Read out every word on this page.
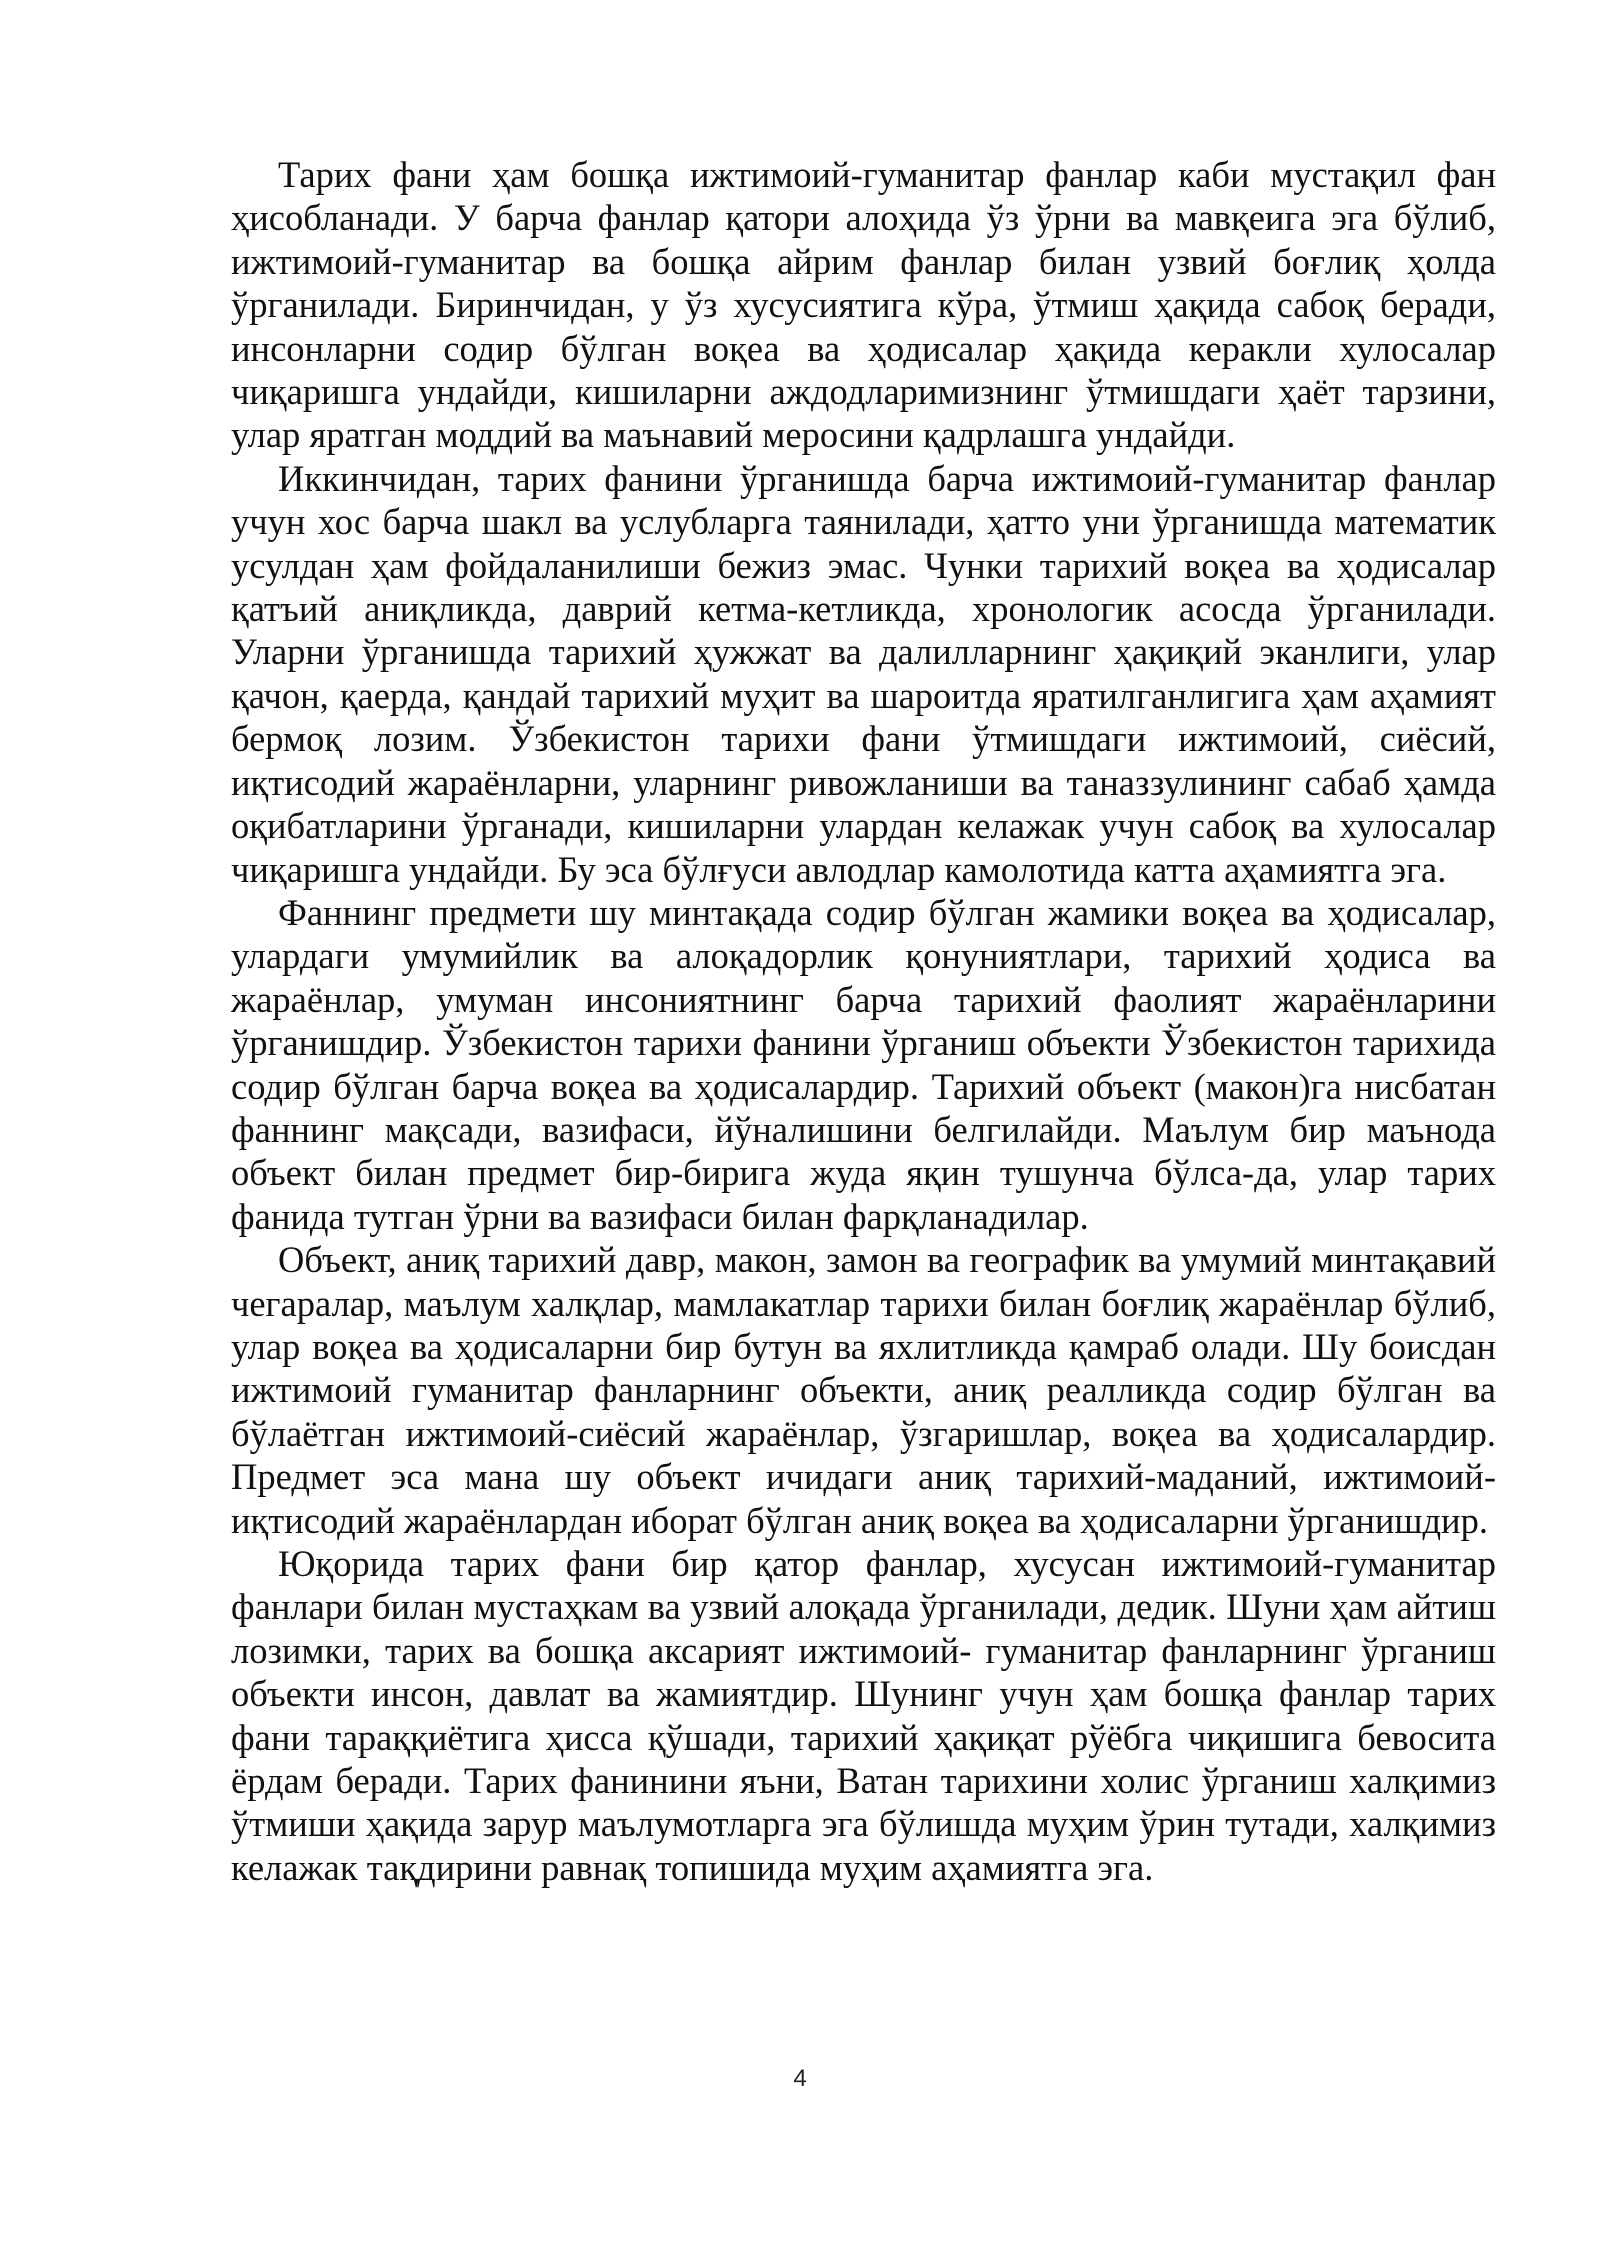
Тарих фани ҳам бошқа ижтимоий-гуманитар фанлар каби мустақил фан ҳисобланади. У барча фанлар қатори алоҳида ўз ўрни ва мавқеига эга бўлиб, ижтимоий-гуманитар ва бошқа айрим фанлар билан узвий боғлиқ ҳолда ўрганилади. Биринчидан, у ўз хусусиятига кўра, ўтмиш ҳақида сабоқ беради, инсонларни содир бўлган воқеа ва ҳодисалар ҳақида керакли хулосалар чиқаришга ундайди, кишиларни аждодларимизнинг ўтмишдаги ҳаёт тарзини, улар яратган моддий ва маънавий меросини қадрлашга ундайди.

Иккинчидан, тарих фанини ўрганишда барча ижтимоий-гуманитар фанлар учун хос барча шакл ва услубларга таянилади, ҳатто уни ўрганишда математик усулдан ҳам фойдаланилиши бежиз эмас. Чунки тарихий воқеа ва ҳодисалар қатъий аниқликда, даврий кетма-кетликда, хронологик асосда ўрганилади. Уларни ўрганишда тарихий ҳужжат ва далилларнинг ҳақиқий эканлиги, улар қачон, қаерда, қандай тарихий муҳит ва шароитда яратилганлигига ҳам аҳамият бермоқ лозим. Ўзбекистон тарихи фани ўтмишдаги ижтимоий, сиёсий, иқтисодий жараёнларни, уларнинг ривожланиши ва таназзулининг сабаб ҳамда оқибатларини ўрганади, кишиларни улардан келажак учун сабоқ ва хулосалар чиқаришга ундайди. Бу эса бўлғуси авлодлар камолотида катта аҳамиятга эга.

Фаннинг предмети шу минтақада содир бўлган жамики воқеа ва ҳодисалар, улардаги умумийлик ва алоқадорлик қонуниятлари, тарихий ҳодиса ва жараёнлар, умуман инсониятнинг барча тарихий фаолият жараёнларини ўрганишдир. Ўзбекистон тарихи фанини ўрганиш объекти Ўзбекистон тарихида содир бўлган барча воқеа ва ҳодисалардир. Тарихий объект (макон)га нисбатан фаннинг мақсади, вазифаси, йўналишини белгилайди. Маълум бир маънода объект билан предмет бир-бирига жуда яқин тушунча бўлса-да, улар тарих фанида тутган ўрни ва вазифаси билан фарқланадилар.

Объект, аниқ тарихий давр, макон, замон ва географик ва умумий минтақавий чегаралар, маълум халқлар, мамлакатлар тарихи билан боғлиқ жараёнлар бўлиб, улар воқеа ва ҳодисаларни бир бутун ва яхлитликда қамраб олади. Шу боисдан ижтимоий гуманитар фанларнинг объекти, аниқ реалликда содир бўлган ва бўлаётган ижтимоий-сиёсий жараёнлар, ўзгаришлар, воқеа ва ҳодисалардир. Предмет эса мана шу объект ичидаги аниқ тарихий-маданий, ижтимоий-иқтисодий жараёнлардан иборат бўлган аниқ воқеа ва ҳодисаларни ўрганишдир.

Юқорида тарих фани бир қатор фанлар, хусусан ижтимоий-гуманитар фанлари билан мустаҳкам ва узвий алоқада ўрганилади, дедик. Шуни ҳам айтиш лозимки, тарих ва бошқа аксарият ижтимоий- гуманитар фанларнинг ўрганиш объекти инсон, давлат ва жамиятдир. Шунинг учун ҳам бошқа фанлар тарих фани тараққиётига ҳисса қўшади, тарихий ҳақиқат рўёбга чиқишига бевосита ёрдам беради. Тарих фанинини яъни, Ватан тарихини холис ўрганиш халқимиз ўтмиши ҳақида зарур маълумотларга эга бўлишда муҳим ўрин тутади, халқимиз келажак тақдирини равнақ топишида муҳим аҳамиятга эга.

4
